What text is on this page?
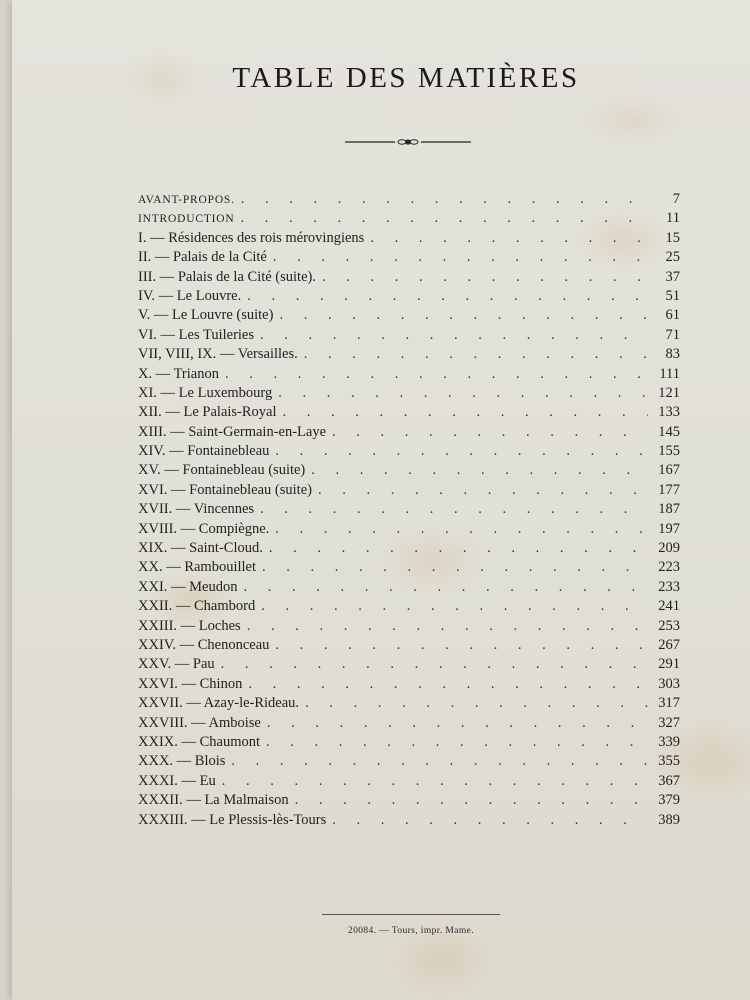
TABLE DES MATIÈRES
AVANT-PROPOS. . . .	7
INTRODUCTION . . .	11
I. — Résidences des rois mérovingiens . . .	15
II. — Palais de la Cité . . .	25
III. — Palais de la Cité (suite). . . .	37
IV. — Le Louvre. . . .	51
V. — Le Louvre (suite) . . .	61
VI. — Les Tuileries . . .	71
VII, VIII, IX. — Versailles. . . .	83
X. — Trianon . . .	111
XI. — Le Luxembourg . . .	121
XII. — Le Palais-Royal . . .	133
XIII. — Saint-Germain-en-Laye . . .	145
XIV. — Fontainebleau . . .	155
XV. — Fontainebleau (suite) . . .	167
XVI. — Fontainebleau (suite) . . .	177
XVII. — Vincennes . . .	187
XVIII. — Compiègne. . . .	197
XIX. — Saint-Cloud. . . .	209
XX. — Rambouillet . . .	223
XXI. — Meudon . . .	233
XXII. — Chambord . . .	241
XXIII. — Loches . . .	253
XXIV. — Chenonceau . . .	267
XXV. — Pau . . .	291
XXVI. — Chinon . . .	303
XXVII. — Azay-le-Rideau. . . .	317
XXVIII. — Amboise . . .	327
XXIX. — Chaumont . . .	339
XXX. — Blois . . .	355
XXXI. — Eu . . .	367
XXXII. — La Malmaison . . .	379
XXXIII. — Le Plessis-lès-Tours . . .	389
20084. — Tours, impr. Mame.
